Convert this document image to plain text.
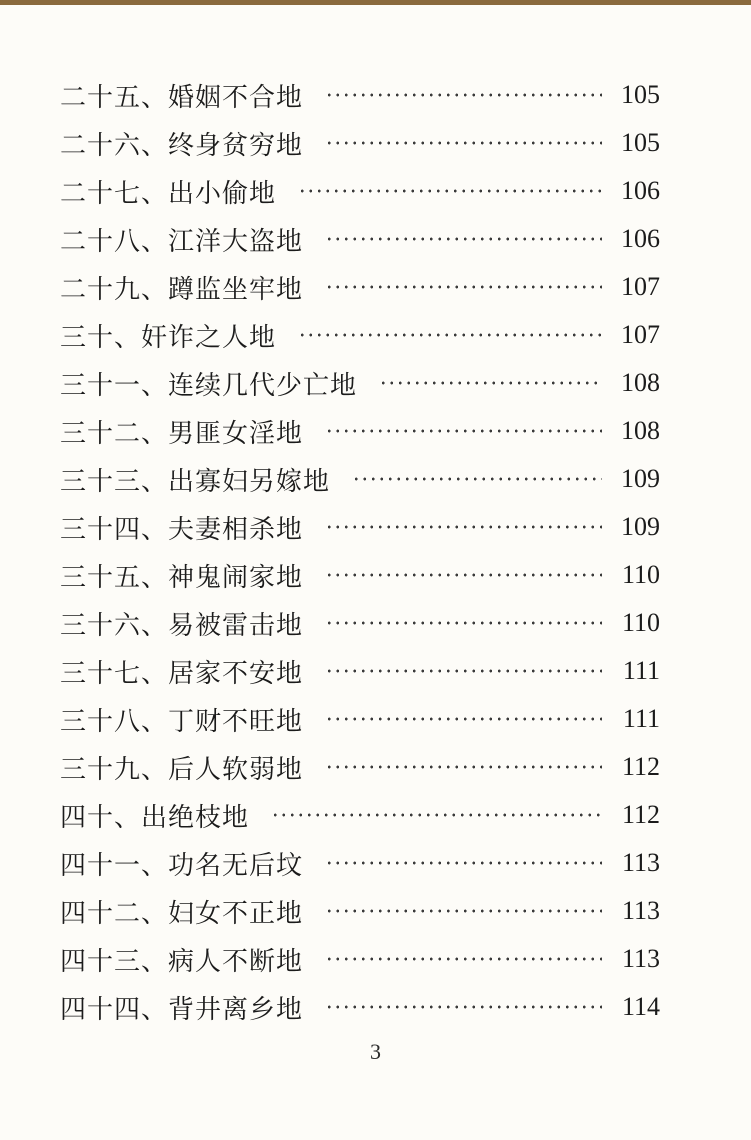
二十五、婚姻不合地	105
二十六、终身贫穷地	105
二十七、出小偷地	106
二十八、江洋大盗地	106
二十九、蹲监坐牢地	107
三十、奸诈之人地	107
三十一、连续几代少亡地	108
三十二、男匪女淫地	108
三十三、出寡妇另嫁地	109
三十四、夫妻相杀地	109
三十五、神鬼闹家地	110
三十六、易被雷击地	110
三十七、居家不安地	111
三十八、丁财不旺地	111
三十九、后人软弱地	112
四十、出绝枝地	112
四十一、功名无后坟	113
四十二、妇女不正地	113
四十三、病人不断地	113
四十四、背井离乡地	114
3
